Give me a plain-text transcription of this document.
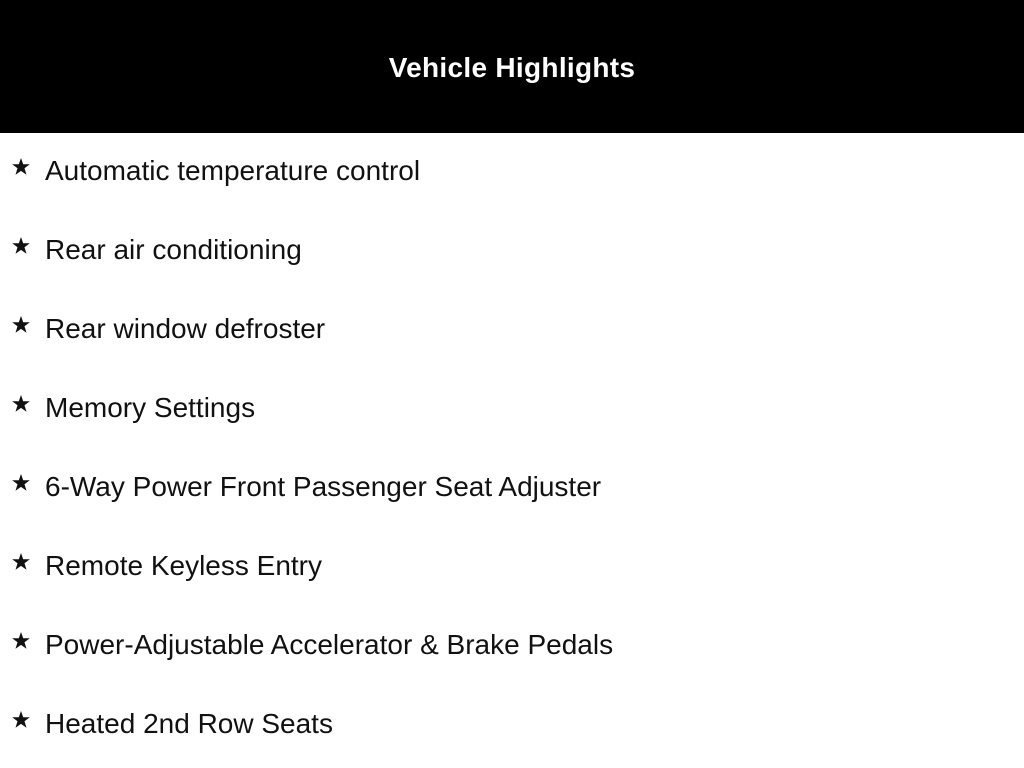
Vehicle Highlights
Automatic temperature control
Rear air conditioning
Rear window defroster
Memory Settings
6-Way Power Front Passenger Seat Adjuster
Remote Keyless Entry
Power-Adjustable Accelerator & Brake Pedals
Heated 2nd Row Seats
